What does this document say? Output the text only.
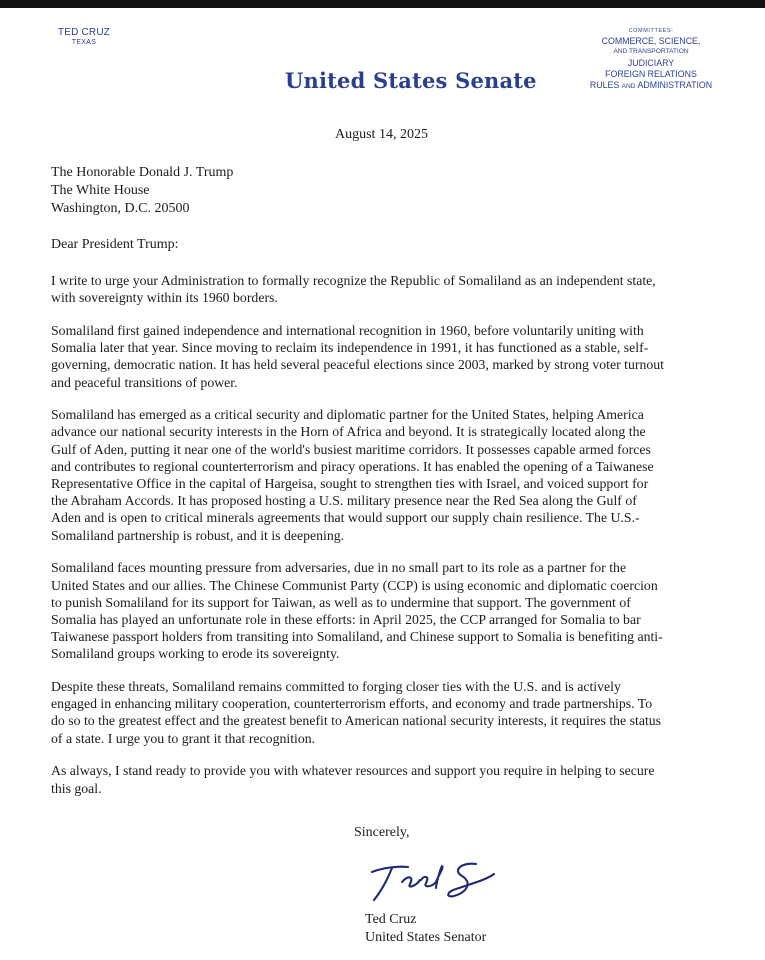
TED CRUZ
TEXAS
United States Senate
COMMITTEES:
COMMERCE, SCIENCE,
AND TRANSPORTATION
JUDICIARY
FOREIGN RELATIONS
RULES AND ADMINISTRATION
August 14, 2025
The Honorable Donald J. Trump
The White House
Washington, D.C. 20500
Dear President Trump:

I write to urge your Administration to formally recognize the Republic of Somaliland as an independent state,
with sovereignty within its 1960 borders.

Somaliland first gained independence and international recognition in 1960, before voluntarily uniting with
Somalia later that year. Since moving to reclaim its independence in 1991, it has functioned as a stable, self-
governing, democratic nation. It has held several peaceful elections since 2003, marked by strong voter turnout
and peaceful transitions of power.

Somaliland has emerged as a critical security and diplomatic partner for the United States, helping America
advance our national security interests in the Horn of Africa and beyond. It is strategically located along the
Gulf of Aden, putting it near one of the world's busiest maritime corridors. It possesses capable armed forces
and contributes to regional counterterrorism and piracy operations. It has enabled the opening of a Taiwanese
Representative Office in the capital of Hargeisa, sought to strengthen ties with Israel, and voiced support for
the Abraham Accords. It has proposed hosting a U.S. military presence near the Red Sea along the Gulf of
Aden and is open to critical minerals agreements that would support our supply chain resilience. The U.S.-
Somaliland partnership is robust, and it is deepening.

Somaliland faces mounting pressure from adversaries, due in no small part to its role as a partner for the
United States and our allies. The Chinese Communist Party (CCP) is using economic and diplomatic coercion
to punish Somaliland for its support for Taiwan, as well as to undermine that support. The government of
Somalia has played an unfortunate role in these efforts: in April 2025, the CCP arranged for Somalia to bar
Taiwanese passport holders from transiting into Somaliland, and Chinese support to Somalia is benefiting anti-
Somaliland groups working to erode its sovereignty.

Despite these threats, Somaliland remains committed to forging closer ties with the U.S. and is actively
engaged in enhancing military cooperation, counterterrorism efforts, and economy and trade partnerships. To
do so to the greatest effect and the greatest benefit to American national security interests, it requires the status
of a state. I urge you to grant it that recognition.

As always, I stand ready to provide you with whatever resources and support you require in helping to secure
this goal.

Sincerely,
Ted Cruz
United States Senator
